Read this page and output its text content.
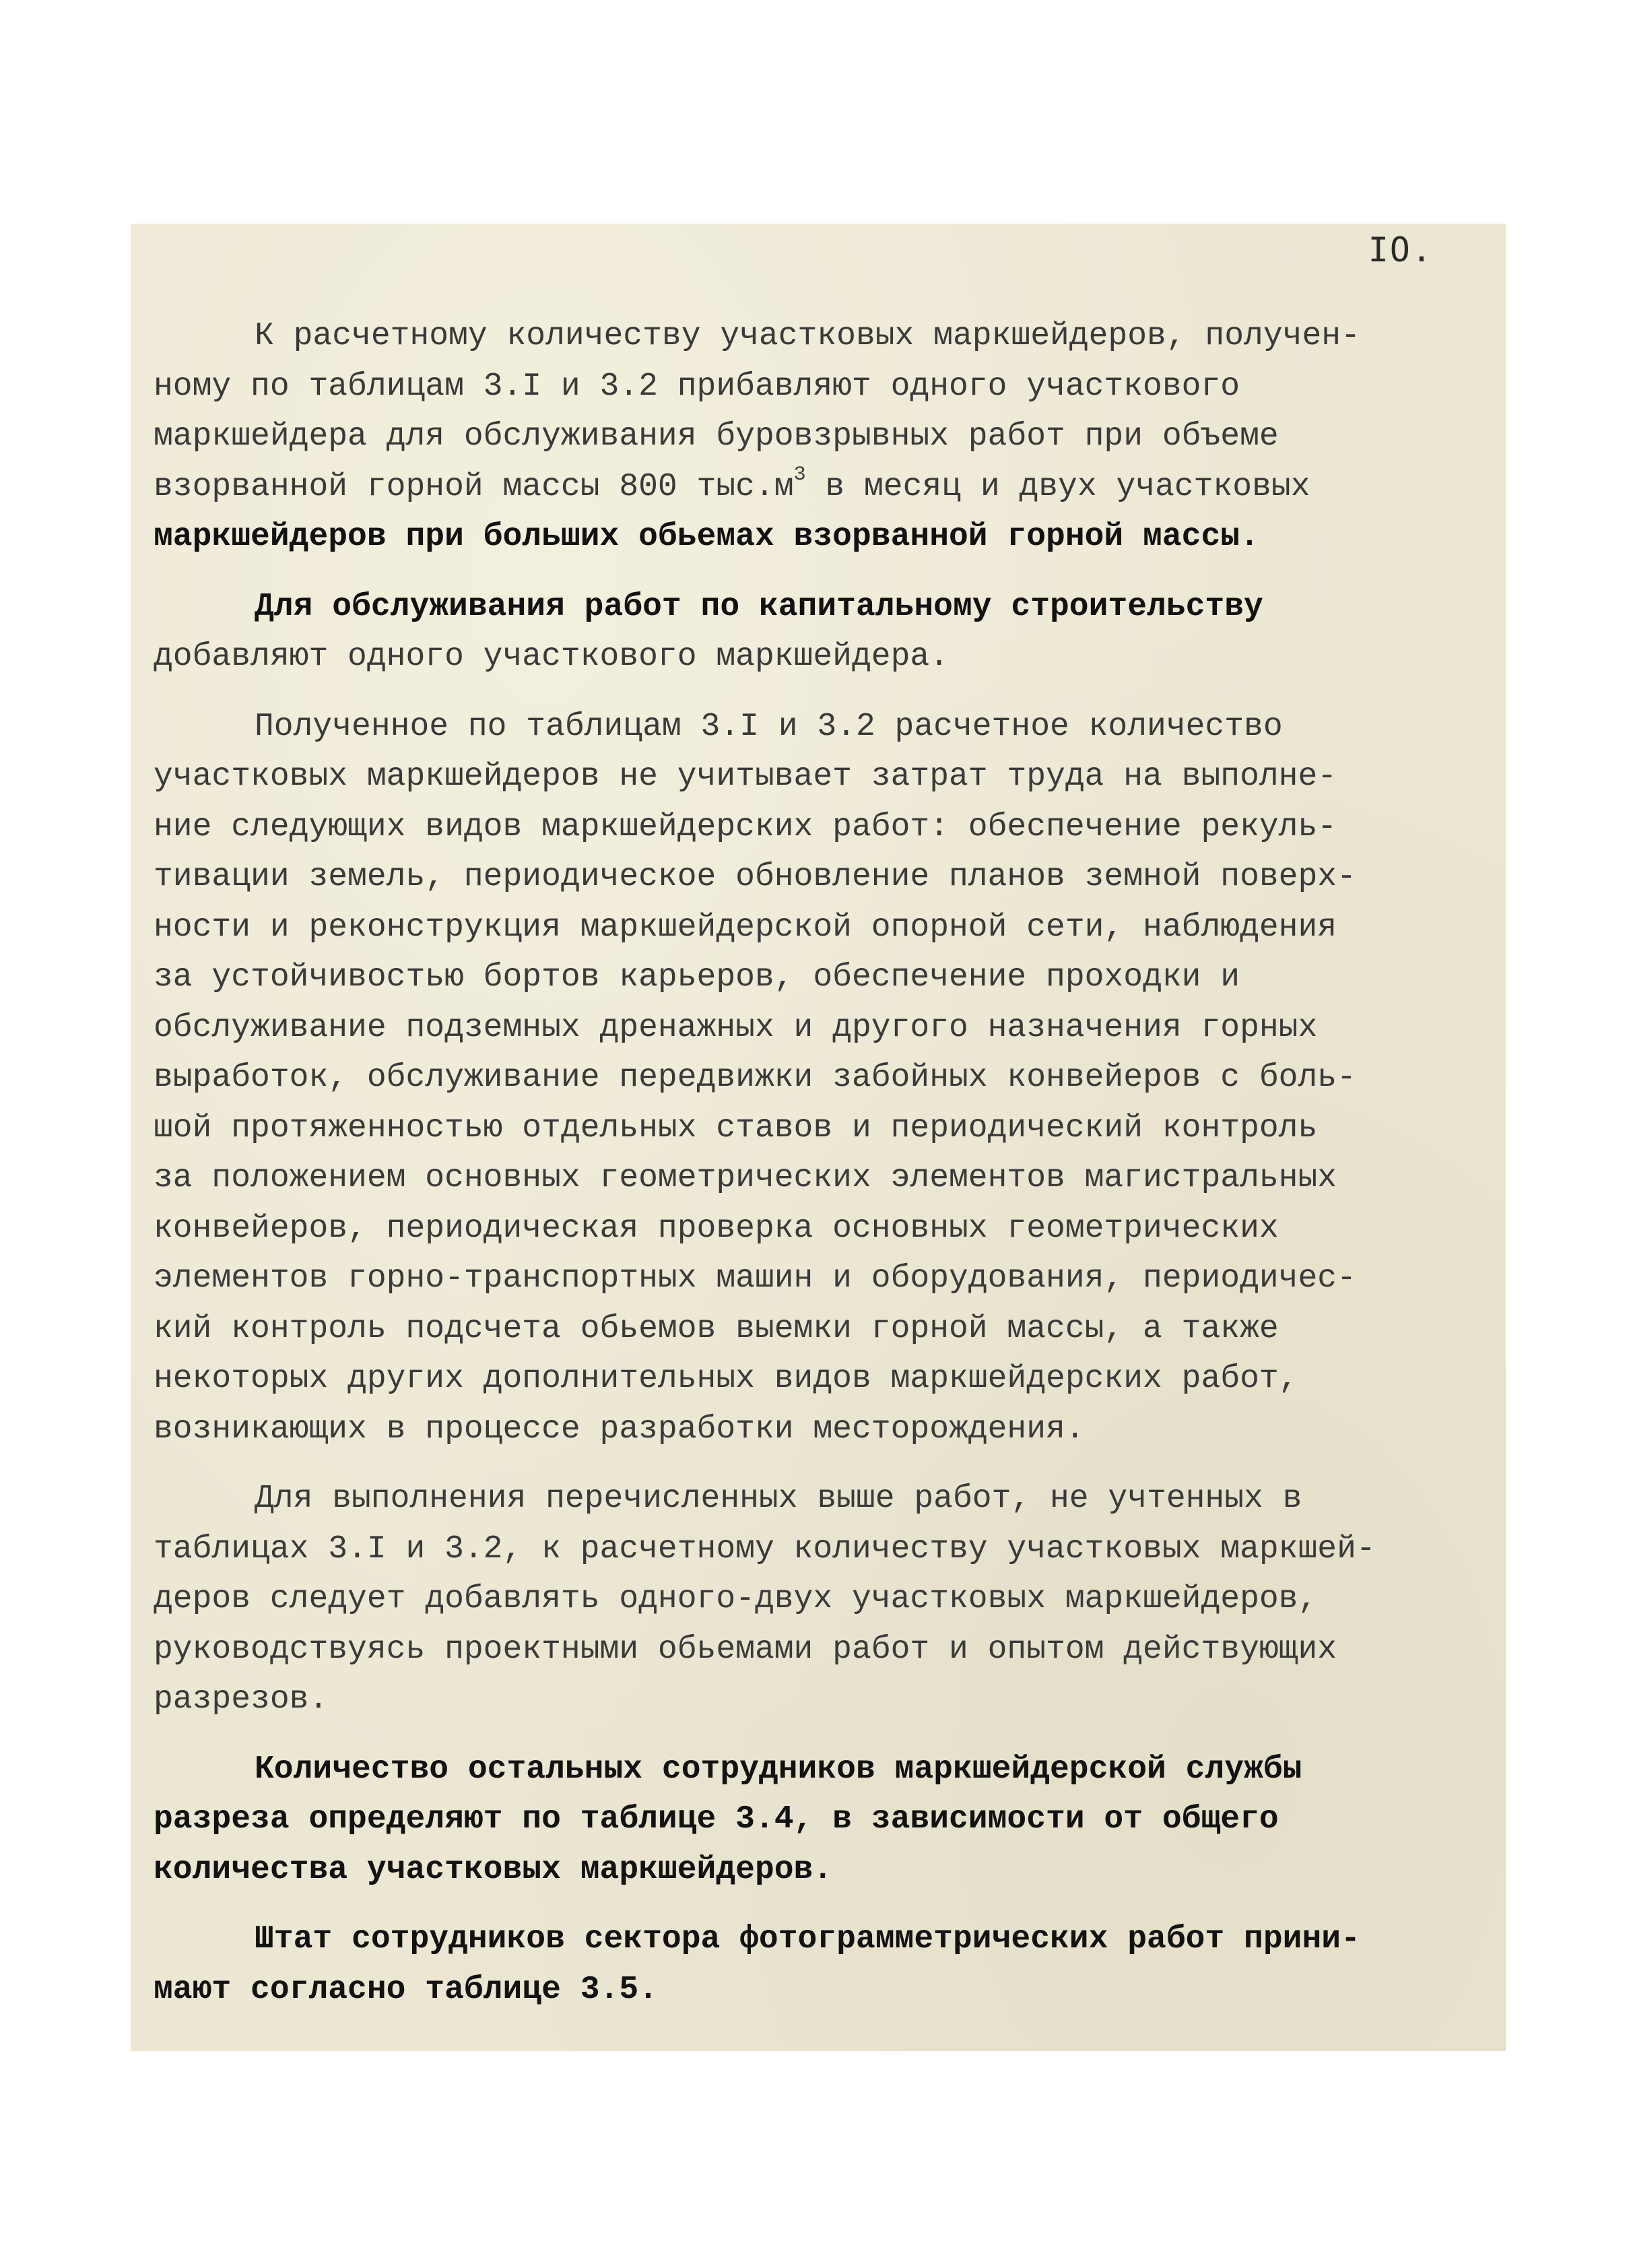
IO.

К расчетному количеству участковых маркшейдеров, получен-
ному по таблицам 3.I и 3.2 прибавляют одного участкового
маркшейдера для обслуживания буровзрывных работ при объеме
взорванной горной массы 800 $тыс.м^3$ в месяц и двух участковых
маркшейдеров при больших обьемах взорванной горной массы.

Для обслуживания работ по капитальному строительству
добавляют одного участкового маркшейдера.

Полученное по таблицам 3.I и 3.2 расчетное количество
участковых маркшейдеров не учитывает затрат труда на выполне-
ние следующих видов маркшейдерских работ: обеспечение рекуль-
тивации земель, периодическое обновление планов земной поверх-
ности и реконструкция маркшейдерской опорной сети, наблюдения
за устойчивостью бортов карьеров, обеспечение проходки и
обслуживание подземных дренажных и другого назначения горных
выработок, обслуживание передвижки забойных конвейеров с боль-
шой протяженностью отдельных ставов и периодический контроль
за положением основных геометрических элементов магистральных
конвейеров, периодическая проверка основных геометрических
элементов горно-транспортных машин и оборудования, периодичес-
кий контроль подсчета обьемов выемки горной массы, а также
некоторых других дополнительных видов маркшейдерских работ,
возникающих в процессе разработки месторождения.

Для выполнения перечисленных выше работ, не учтенных в
таблицах 3.I и 3.2, к расчетному количеству участковых маркшей-
деров следует добавлять одного-двух участковых маркшейдеров,
руководствуясь проектными обьемами работ и опытом действующих
разрезов.

Количество остальных сотрудников маркшейдерской службы
разреза определяют по таблице 3.4, в зависимости от общего
количества участковых маркшейдеров.

Штат сотрудников сектора фотограмметрических работ прини-
мают согласно таблице 3.5.
